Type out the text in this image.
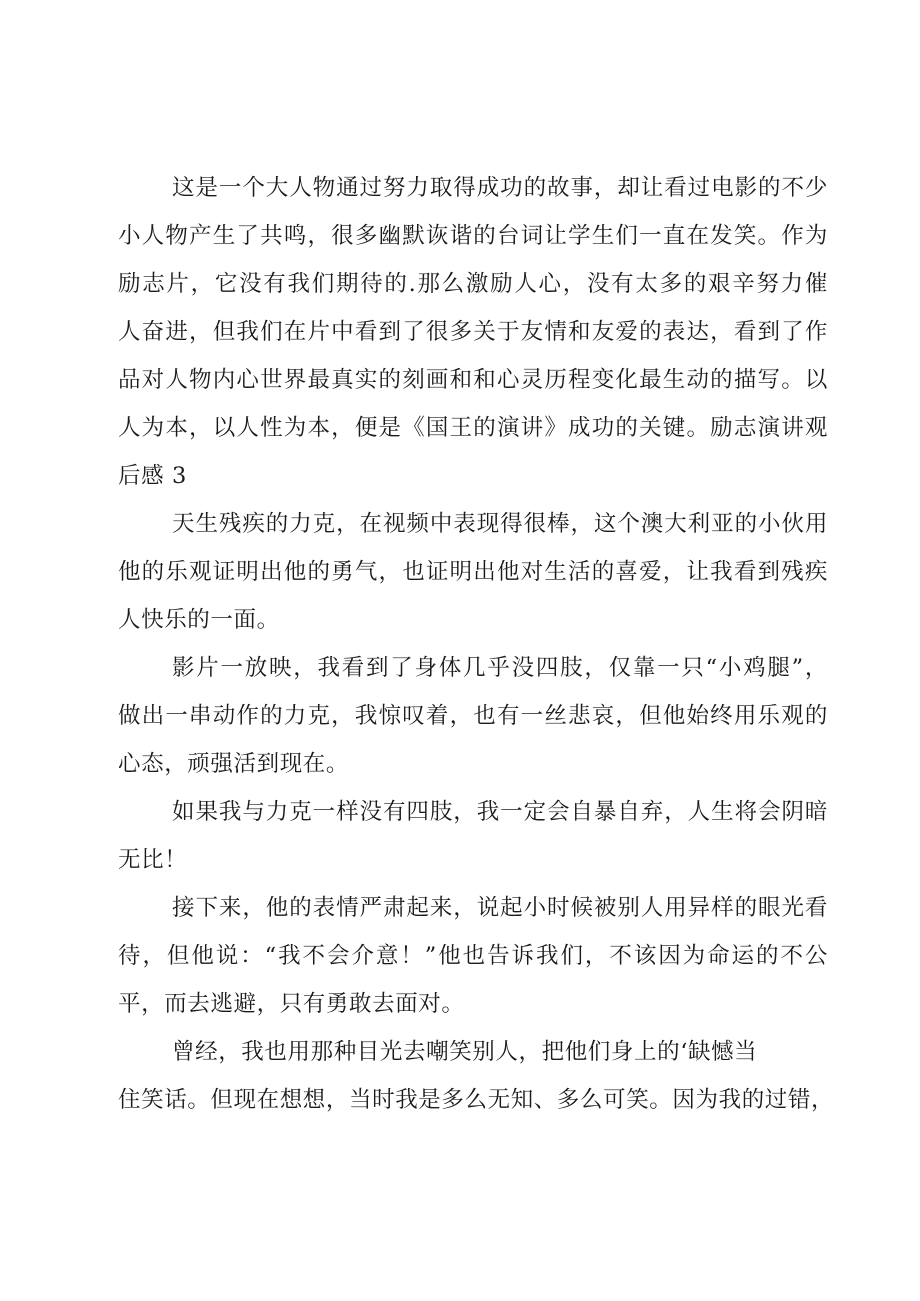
这是一个大人物通过努力取得成功的故事，却让看过电影的不少
小人物产生了共鸣，很多幽默诙谐的台词让学生们一直在发笑。作为
励志片，它没有我们期待的.那么激励人心，没有太多的艰辛努力催
人奋进，但我们在片中看到了很多关于友情和友爱的表达，看到了作
品对人物内心世界最真实的刻画和和心灵历程变化最生动的描写。以
人为本，以人性为本，便是《国王的演讲》成功的关键。励志演讲观
后感 3
天生残疾的力克，在视频中表现得很棒，这个澳大利亚的小伙用
他的乐观证明出他的勇气，也证明出他对生活的喜爱，让我看到残疾
人快乐的一面。
影片一放映，我看到了身体几乎没四肢，仅靠一只“小鸡腿”，
做出一串动作的力克，我惊叹着，也有一丝悲哀，但他始终用乐观的
心态，顽强活到现在。
如果我与力克一样没有四肢，我一定会自暴自弃，人生将会阴暗
无比！
接下来，他的表情严肃起来，说起小时候被别人用异样的眼光看
待，但他说：“我不会介意！”他也告诉我们，不该因为命运的不公
平，而去逃避，只有勇敢去面对。
曾经，我也用那种目光去嘲笑别人，把他们身上的‘缺憾当
住笑话。但现在想想，当时我是多么无知、多么可笑。因为我的过错，
